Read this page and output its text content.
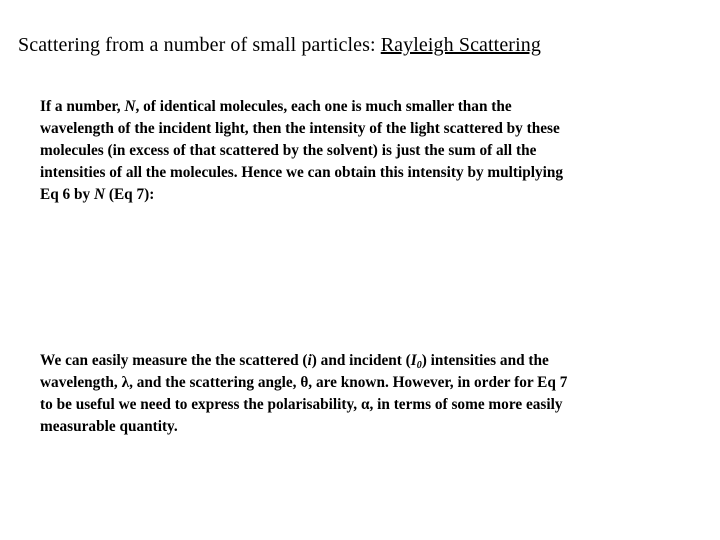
Scattering from a number of small particles: Rayleigh Scattering
If a number, N, of identical molecules, each one is much smaller than the
wavelength of the incident light, then the intensity of the light scattered by these
molecules (in excess of that scattered by the solvent) is just the sum of all the
intensities of all the molecules. Hence we can obtain this intensity by multiplying
Eq 6 by N (Eq 7):
We can easily measure the the scattered (i) and incident $(I_0)$ intensities and the
wavelength, λ, and the scattering angle, θ, are known. However, in order for Eq 7
to be useful we need to express the polarisability, α, in terms of some more easily
measurable quantity.
